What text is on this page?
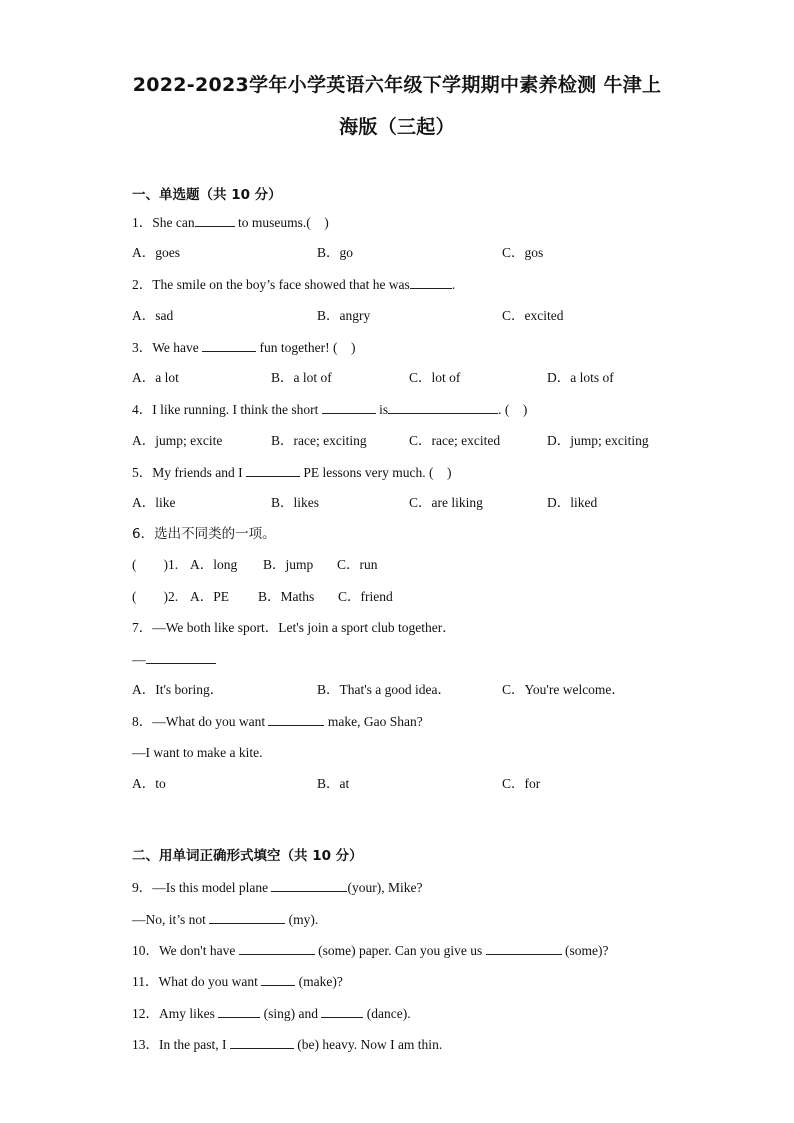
2022-2023学年小学英语六年级下学期期中素养检测 牛津上
海版（三起）
一、单选题（共 10 分）
1．She can	to museums.(　)
A．goes	B．go	C．gos
2．The smile on the boy’s face showed that he was	.
A．sad	B．angry	C．excited
3．We have	fun together! (　)
A．a lot	B．a lot of	C．lot of	D．a lots of
4．I like running. I think the short	is	. (　)
A．jump; excite	B．race; exciting	C．race; excited	D．jump; exciting
5．My friends and I	PE lessons very much. (　)
A．like	B．likes	C．are liking	D．liked
6．选出不同类的一项。
(　　)1. A．long B．jump C．run
(　　)2. A．PE B．Maths C．friend
7．—We both like sport．Let's join a sport club together．
—
A．It's boring．	B．That's a good idea．	C．You're welcome．
8．—What do you want	make, Gao Shan?
—I want to make a kite.
A．to	B．at	C．for
二、用单词正确形式填空（共 10 分）
9．—Is this model plane	(your), Mike?
—No, it’s not	(my).
10．We don't have	(some) paper. Can you give us	(some)?
11．What do you want	(make)?
12．Amy likes	(sing) and	(dance).
13．In the past, I	(be) heavy. Now I am thin.
